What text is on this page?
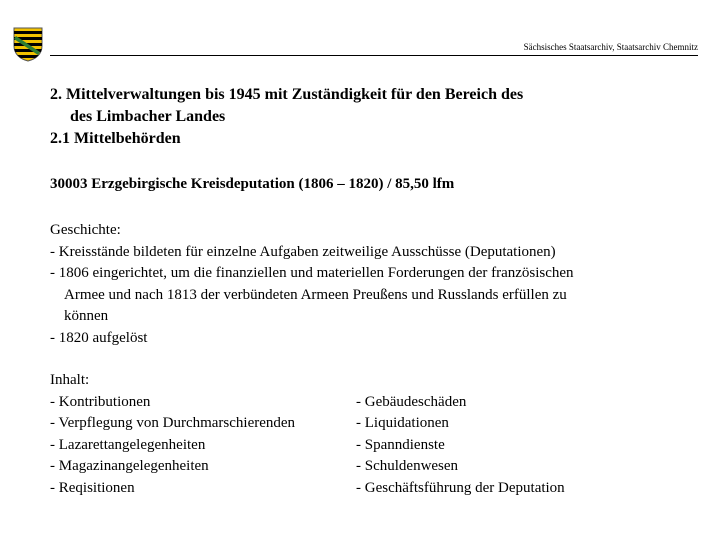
Sächsisches Staatsarchiv, Staatsarchiv Chemnitz
2. Mittelverwaltungen bis 1945 mit Zuständigkeit für den Bereich des
des Limbacher Landes
2.1 Mittelbehörden
30003 Erzgebirgische Kreisdeputation (1806 – 1820) / 85,50 lfm
Geschichte:
- Kreisstände bildeten für einzelne Aufgaben zeitweilige Ausschüsse (Deputationen)
- 1806 eingerichtet, um die finanziellen und materiellen Forderungen der französischen
Armee und nach 1813 der verbündeten Armeen Preußens und Russlands erfüllen zu
können
- 1820 aufgelöst
Inhalt:
- Kontributionen	- Gebäudeschäden
- Verpflegung von Durchmarschierenden	- Liquidationen
- Lazarettangelegenheiten	- Spanndienste
- Magazinangelegenheiten	- Schuldenwesen
- Reqisitionen	- Geschäftsführung der Deputation
